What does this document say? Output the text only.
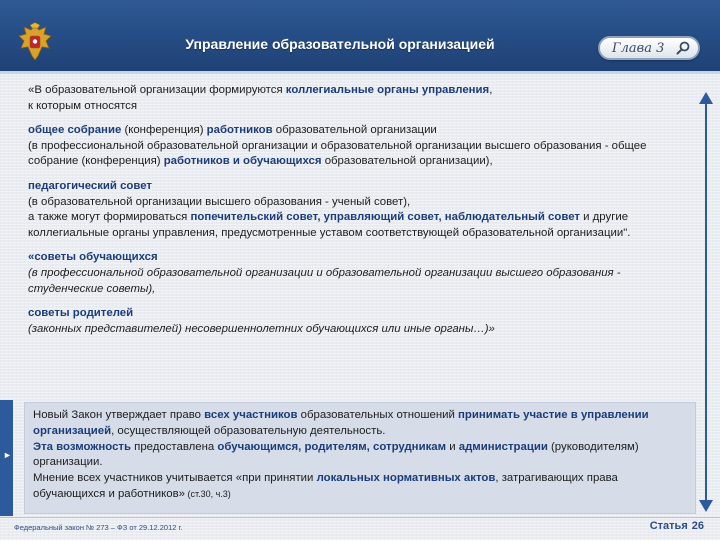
Управление образовательной организацией	Глава 3
«В образовательной организации формируются коллегиальные органы управления,
к которым относятся
общее собрание (конференция) работников образовательной организации
(в профессиональной образовательной организации и образовательной организации высшего образования - общее собрание (конференция) работников и обучающихся образовательной организации),
педагогический совет
(в образовательной организации высшего образования - ученый совет),
а также могут формироваться попечительский совет, управляющий совет, наблюдательный совет и другие коллегиальные органы управления, предусмотренные уставом соответствующей образовательной организации".
«советы обучающихся
(в профессиональной образовательной организации и образовательной организации высшего образования - студенческие советы),
советы родителей
(законных представителей) несовершеннолетних обучающихся или иные органы…)»
►
Новый Закон утверждает право всех участников образовательных отношений принимать участие в управлении организацией, осуществляющей образовательную деятельность.
Эта возможность предоставлена обучающимся, родителям, сотрудникам и администрации (руководителям) организации.
Мнение всех участников учитывается «при принятии локальных нормативных актов, затрагивающих права обучающихся и работников» (ст.30, ч.3)
Федеральный закон № 273 – ФЗ от 29.12.2012 г.	Статья 26
